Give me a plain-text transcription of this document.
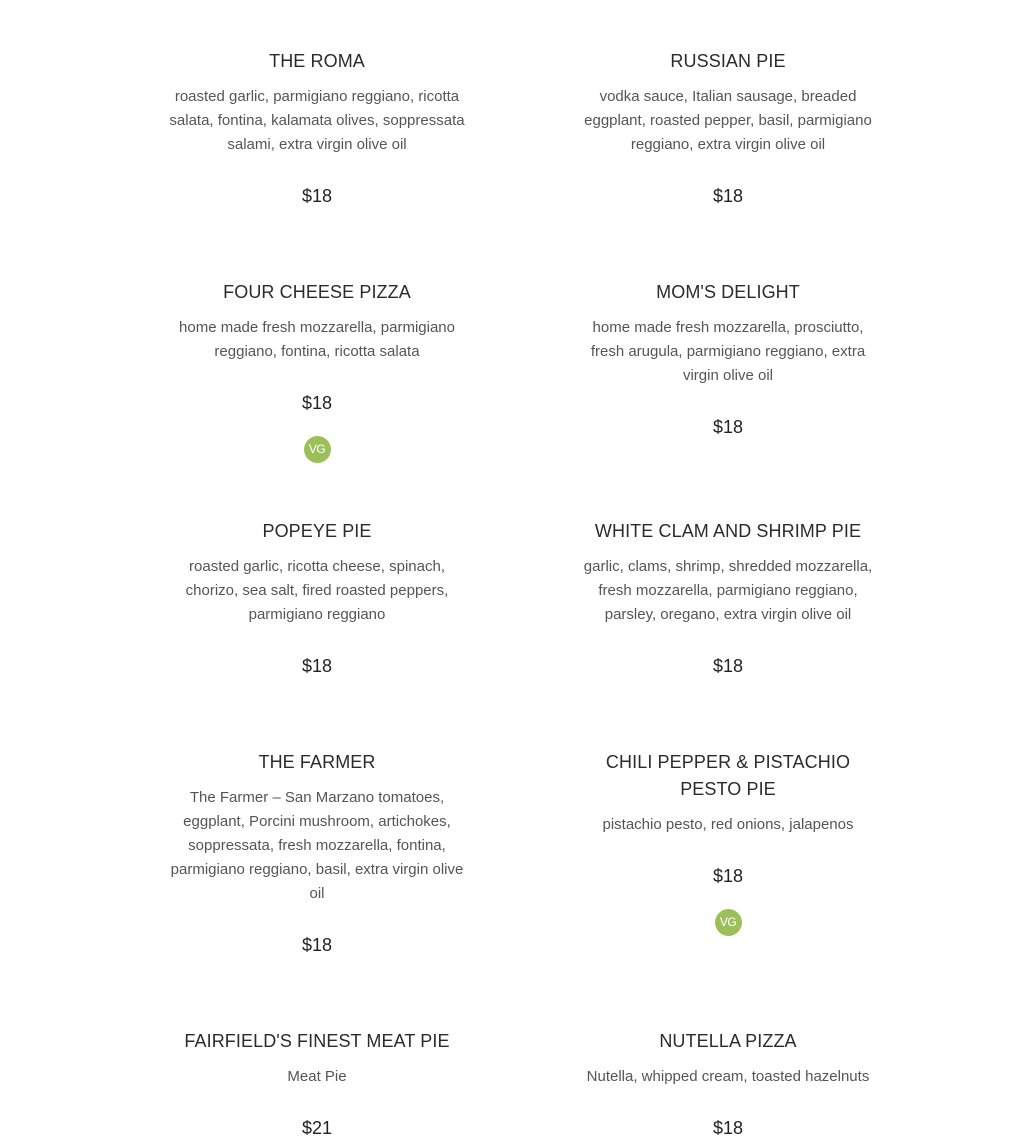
THE ROMA

roasted garlic, parmigiano reggiano, ricotta salata, fontina, kalamata olives, soppressata salami, extra virgin olive oil

$18
RUSSIAN PIE

vodka sauce, Italian sausage, breaded eggplant, roasted pepper, basil, parmigiano reggiano, extra virgin olive oil

$18
FOUR CHEESE PIZZA

home made fresh mozzarella, parmigiano reggiano, fontina, ricotta salata

$18
VG
MOM'S DELIGHT

home made fresh mozzarella, prosciutto, fresh arugula, parmigiano reggiano, extra virgin olive oil

$18
POPEYE PIE

roasted garlic, ricotta cheese, spinach, chorizo, sea salt, fired roasted peppers, parmigiano reggiano

$18
WHITE CLAM AND SHRIMP PIE

garlic, clams, shrimp, shredded mozzarella, fresh mozzarella, parmigiano reggiano, parsley, oregano, extra virgin olive oil

$18
THE FARMER

The Farmer – San Marzano tomatoes, eggplant, Porcini mushroom, artichokes, soppressata, fresh mozzarella, fontina, parmigiano reggiano, basil, extra virgin olive oil

$18
CHILI PEPPER & PISTACHIO PESTO PIE

pistachio pesto, red onions, jalapenos

$18
VG
FAIRFIELD'S FINEST MEAT PIE

Meat Pie

$21
NUTELLA PIZZA

Nutella, whipped cream, toasted hazelnuts

$18
